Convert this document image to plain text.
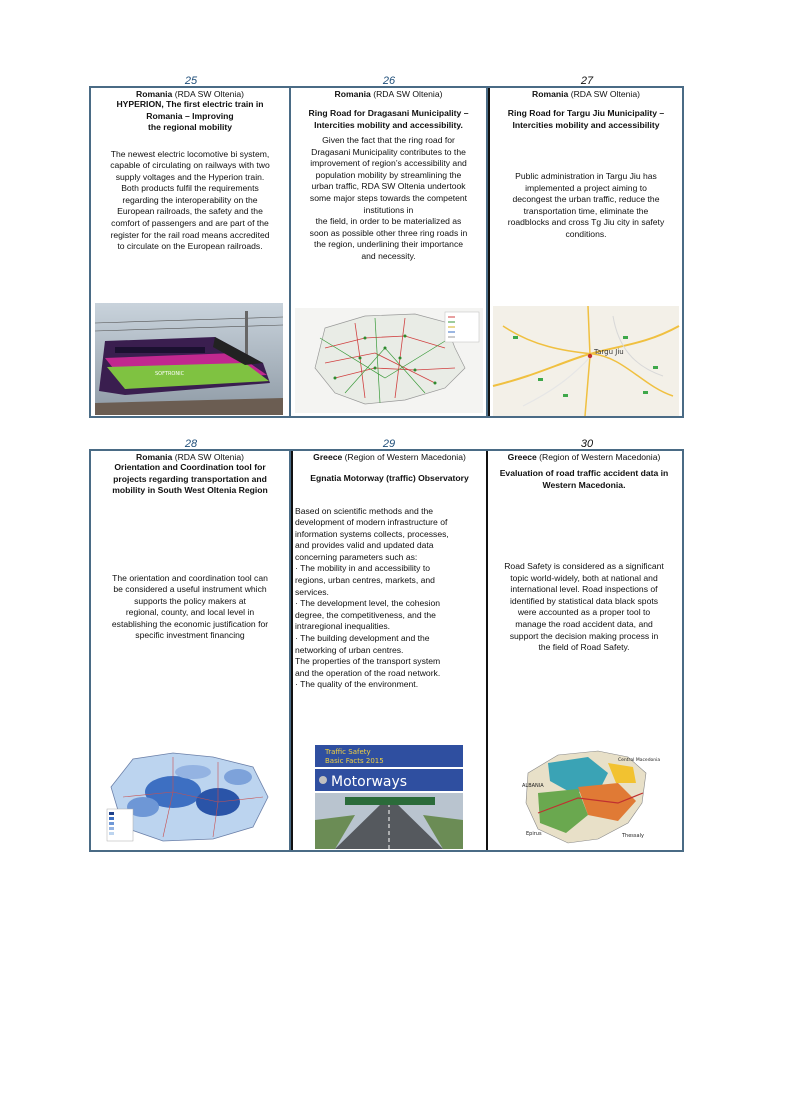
25	26	27
Romania (RDA SW Oltenia)
HYPERION, The first electric train in
Romania – Improving
the regional mobility
The newest electric locomotive bi system,
capable of circulating on railways with two
supply voltages and the Hyperion train.
Both products fulfil the requirements
regarding the interoperability on the
European railroads, the safety and the
comfort of passengers and are part of the
register for the rail road means accredited
to circulate on the European railroads.
SOFTRONIC
Romania (RDA SW Oltenia)
Ring Road for Dragasani Municipality –
Intercities mobility and accessibility.
Given the fact that the ring road for
Dragasani Municipality contributes to the
improvement of region’s accessibility and
population mobility by streamlining the
urban traffic, RDA SW Oltenia undertook
some major steps towards the competent
institutions in
the field, in order to be materialized as
soon as possible other three ring roads in
the region, underlining their importance
and necessity.
Romania (RDA SW Oltenia)
Ring Road for Targu Jiu Municipality –
Intercities mobility and accessibility
Public administration in Targu Jiu has
implemented a project aiming to
decongest the urban traffic, reduce the
transportation time, eliminate the
roadblocks and cross Tg Jiu city in safety
conditions.
Targu Jiu
28	29	30
Romania (RDA SW Oltenia)
Orientation and Coordination tool for
projects regarding transportation and
mobility in South West Oltenia Region
The orientation and coordination tool can
be considered a useful instrument which
supports the policy makers at
regional, county, and local level in
establishing the economic justification for
specific investment financing
Greece (Region of Western Macedonia)
Egnatia Motorway (traffic) Observatory
Based on scientific methods and the
development of modern infrastructure of
information systems collects, processes,
and provides valid and updated data
concerning parameters such as:
· The mobility in and accessibility to
regions, urban centres, markets, and
services.
· The development level, the cohesion
degree, the competitiveness, and the
intraregional inequalities.
· The building development and the
networking of urban centres.
The properties of the transport system
and the operation of the road network.
· The quality of the environment.
Traffic Safety
Basic Facts 2015
Motorways
Greece (Region of Western Macedonia)
Evaluation of road traffic accident data in
Western Macedonia.
Road Safety is considered as a significant
topic world-widely, both at national and
international level. Road inspections of
identified by statistical data black spots
were accounted as a proper tool to
manage the road accident data, and
support the decision making process in
the field of Road Safety.
ALBANIA
Central Macedonia
Thessaly
Epirus
